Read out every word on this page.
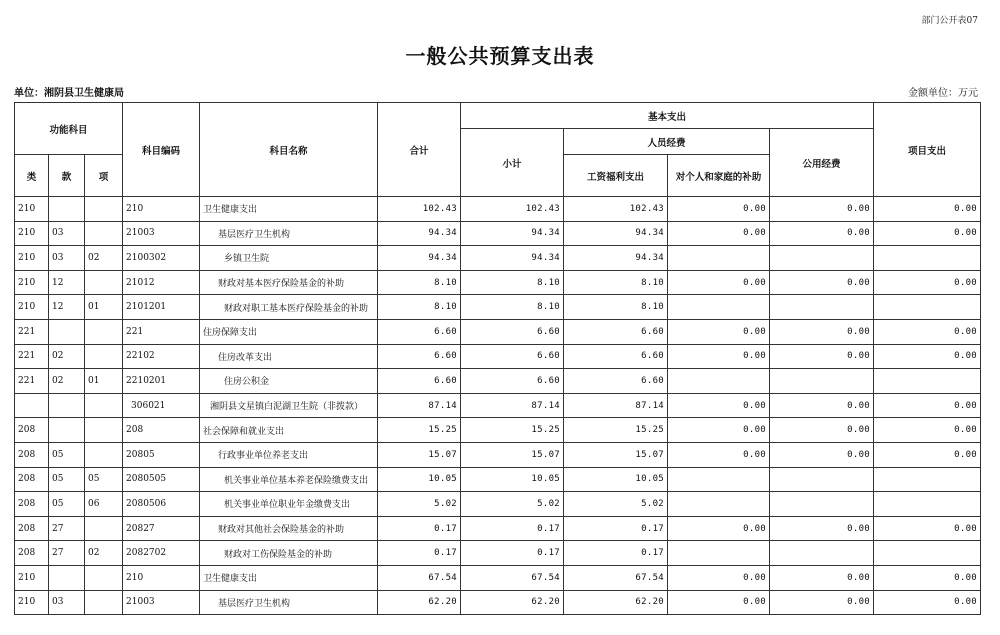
部门公开表07
一般公共预算支出表
单位：湘阴县卫生健康局	金额单位：万元
功能科目			科目编码	科目名称	合计	基本支出				项目支出
						小计	人员经费		公用经费	
类	款	项					工资福利支出	对个人和家庭的补助		
210			210	卫生健康支出	102.43	102.43	102.43	0.00	0.00	0.00
210	03		21003	基层医疗卫生机构	94.34	94.34	94.34	0.00	0.00	0.00
210	03	02	2100302	乡镇卫生院	94.34	94.34	94.34			
210	12		21012	财政对基本医疗保险基金的补助	8.10	8.10	8.10	0.00	0.00	0.00
210	12	01	2101201	财政对职工基本医疗保险基金的补助	8.10	8.10	8.10			
221			221	住房保障支出	6.60	6.60	6.60	0.00	0.00	0.00
221	02		22102	住房改革支出	6.60	6.60	6.60	0.00	0.00	0.00
221	02	01	2210201	住房公积金	6.60	6.60	6.60			
			306021	湘阴县文星镇白泥湖卫生院（非拨款）	87.14	87.14	87.14	0.00	0.00	0.00
208			208	社会保障和就业支出	15.25	15.25	15.25	0.00	0.00	0.00
208	05		20805	行政事业单位养老支出	15.07	15.07	15.07	0.00	0.00	0.00
208	05	05	2080505	机关事业单位基本养老保险缴费支出	10.05	10.05	10.05			
208	05	06	2080506	机关事业单位职业年金缴费支出	5.02	5.02	5.02			
208	27		20827	财政对其他社会保险基金的补助	0.17	0.17	0.17	0.00	0.00	0.00
208	27	02	2082702	财政对工伤保险基金的补助	0.17	0.17	0.17			
210			210	卫生健康支出	67.54	67.54	67.54	0.00	0.00	0.00
210	03		21003	基层医疗卫生机构	62.20	62.20	62.20	0.00	0.00	0.00
